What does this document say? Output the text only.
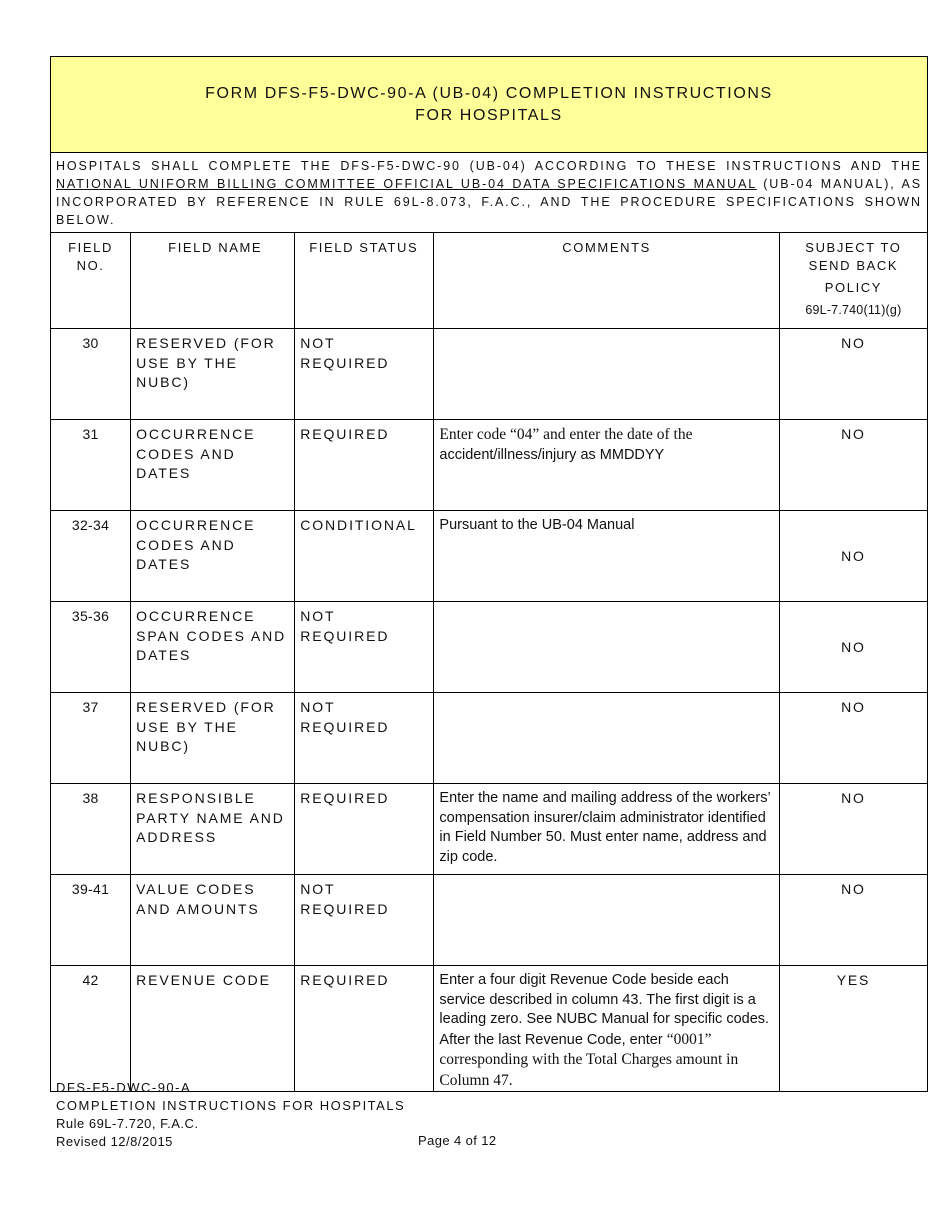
FORM DFS-F5-DWC-90-A (UB-04) COMPLETION INSTRUCTIONS
FOR HOSPITALS				

HOSPITALS SHALL COMPLETE THE DFS-F5-DWC-90 (UB-04) ACCORDING TO THESE INSTRUCTIONS AND THE NATIONAL UNIFORM BILLING COMMITTEE OFFICIAL UB-04 DATA SPECIFICATIONS MANUAL (UB-04 MANUAL), AS INCORPORATED BY REFERENCE IN RULE 69L-8.073, F.A.C., AND THE PROCEDURE SPECIFICATIONS SHOWN BELOW.				

FIELD
NO.	FIELD NAME	FIELD STATUS	COMMENTS	SUBJECT TO
SEND BACK
POLICY
69L-7.740(11)(g)

30	RESERVED (FOR USE BY THE NUBC)	NOT REQUIRED		NO
31	OCCURRENCE CODES AND DATES	REQUIRED	Enter code “04” and enter the date of the
accident/illness/injury as MMDDYY	NO
32-34	OCCURRENCE CODES AND DATES	CONDITIONAL	Pursuant to the UB-04 Manual	NO
35-36	OCCURRENCE SPAN CODES AND DATES	NOT REQUIRED		NO
37	RESERVED (FOR USE BY THE NUBC)	NOT REQUIRED		NO
38	RESPONSIBLE PARTY NAME AND ADDRESS	REQUIRED	Enter the name and mailing address of the workers’ compensation insurer/claim administrator identified in Field Number 50. Must enter name, address and zip code.	NO
39-41	VALUE CODES AND AMOUNTS	NOT REQUIRED		NO
42	REVENUE CODE	REQUIRED	Enter a four digit Revenue Code beside each service described in column 43. The first digit is a leading zero. See NUBC Manual for specific codes. After the last Revenue Code, enter “0001” corresponding with the Total Charges amount in Column 47.	YES
DFS-F5-DWC-90-A
COMPLETION INSTRUCTIONS FOR HOSPITALS
Rule 69L-7.720, F.A.C.
Revised 12/8/2015	Page 4 of 12
